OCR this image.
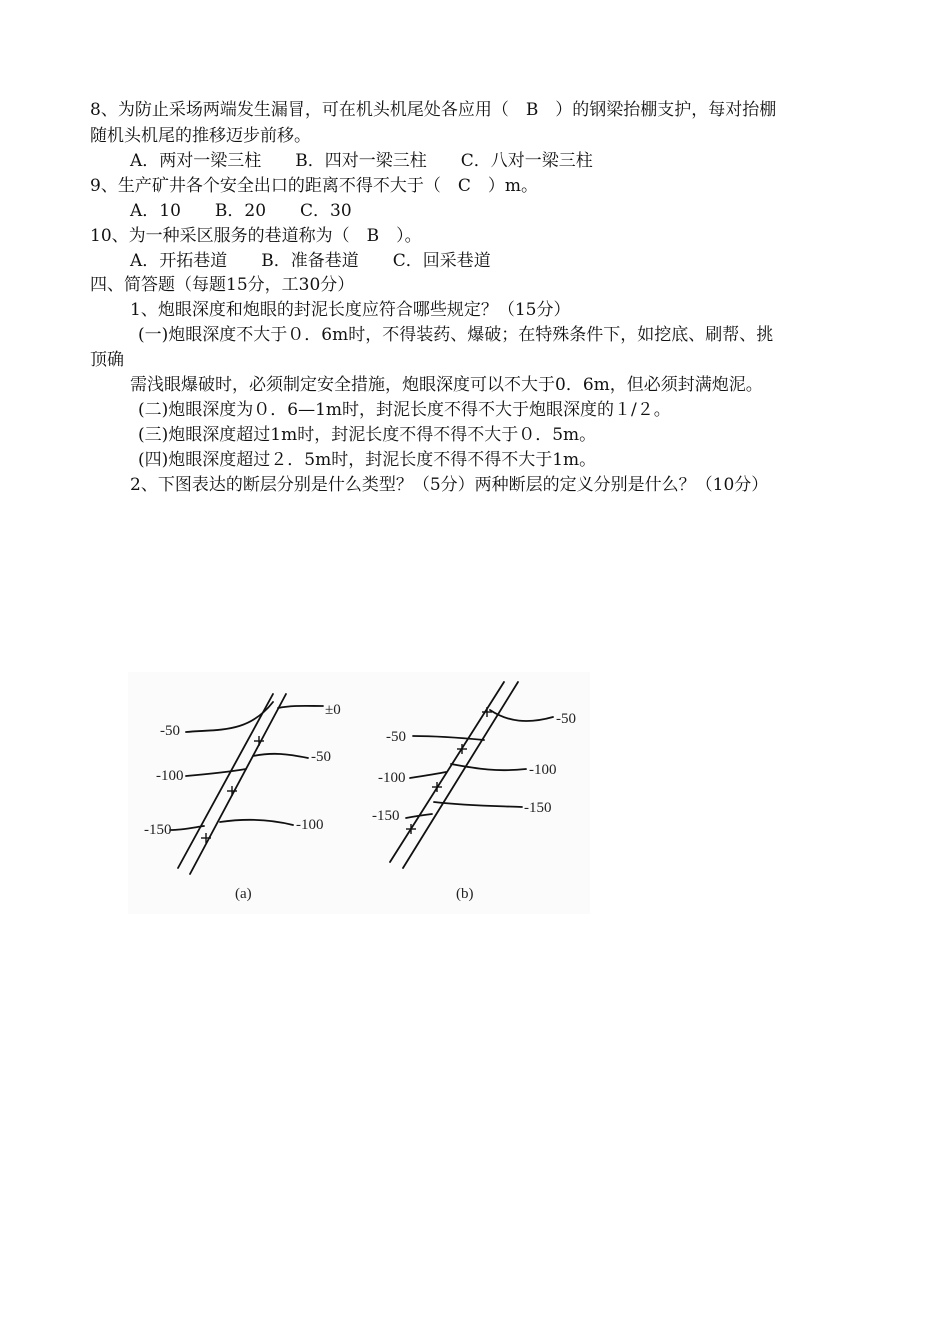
8、为防止采场两端发生漏冒，可在机头机尾处各应用（　B　）的钢梁抬棚支护，每对抬棚
随机头机尾的推移迈步前移。
A．两对一梁三柱　　B．四对一梁三柱　　C．八对一梁三柱
9、生产矿井各个安全出口的距离不得不大于（　C　）m。
A．10　　B．20　　C．30
10、为一种采区服务的巷道称为（　B　）。
A．开拓巷道　　B．准备巷道　　C．回采巷道
四、简答题（每题15分，工30分）
1、炮眼深度和炮眼的封泥长度应符合哪些规定？（15分）
(一)炮眼深度不大于０．6m时，不得装药、爆破；在特殊条件下，如挖底、刷帮、挑
顶确
需浅眼爆破时，必须制定安全措施，炮眼深度可以不大于0．6m，但必须封满炮泥。
(二)炮眼深度为０．6—1m时，封泥长度不得不大于炮眼深度的１/２。
(三)炮眼深度超过1m时，封泥长度不得不得不大于０．5m。
(四)炮眼深度超过２．5m时，封泥长度不得不得不大于1m。
2、下图表达的断层分别是什么类型？（5分）两种断层的定义分别是什么？（10分）
-50
±0
-50
-100
-150	-100
(a)
-50
-50
-100	-100
-150	-150
(b)
